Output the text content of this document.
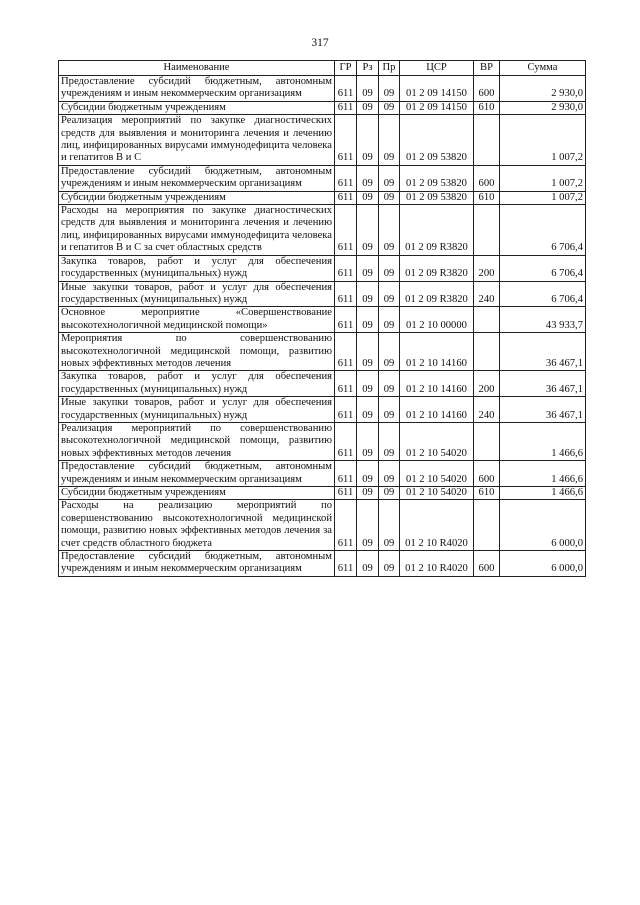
317
Наименование	ГР	Рз	Пр	ЦСР	ВР	Сумма
Предоставление субсидий бюджетным, автономным учреждениям и иным некоммерческим организациям	611	09	09	01 2 09 14150	600	2 930,0
Субсидии бюджетным учреждениям	611	09	09	01 2 09 14150	610	2 930,0
Реализация мероприятий по закупке диагностических средств для выявления и мониторинга лечения и лечению лиц, инфицированных вирусами иммунодефицита человека и гепатитов В и С	611	09	09	01 2 09 53820		1 007,2
Предоставление субсидий бюджетным, автономным учреждениям и иным некоммерческим организациям	611	09	09	01 2 09 53820	600	1 007,2
Субсидии бюджетным учреждениям	611	09	09	01 2 09 53820	610	1 007,2
Расходы на мероприятия по закупке диагностических средств для выявления и мониторинга лечения и лечению лиц, инфицированных вирусами иммунодефицита человека и гепатитов В и С за счет областных средств	611	09	09	01 2 09 R3820		6 706,4
Закупка товаров, работ и услуг для обеспечения государственных (муниципальных) нужд	611	09	09	01 2 09 R3820	200	6 706,4
Иные закупки товаров, работ и услуг для обеспечения государственных (муниципальных) нужд	611	09	09	01 2 09 R3820	240	6 706,4
Основное мероприятие «Совершенствование высокотехнологичной медицинской помощи»	611	09	09	01 2 10 00000		43 933,7
Мероприятия по совершенствованию высокотехнологичной медицинской помощи, развитию новых эффективных методов лечения	611	09	09	01 2 10 14160		36 467,1
Закупка товаров, работ и услуг для обеспечения государственных (муниципальных) нужд	611	09	09	01 2 10 14160	200	36 467,1
Иные закупки товаров, работ и услуг для обеспечения государственных (муниципальных) нужд	611	09	09	01 2 10 14160	240	36 467,1
Реализация мероприятий по совершенствованию высокотехнологичной медицинской помощи, развитию новых эффективных методов лечения	611	09	09	01 2 10 54020		1 466,6
Предоставление субсидий бюджетным, автономным учреждениям и иным некоммерческим организациям	611	09	09	01 2 10 54020	600	1 466,6
Субсидии бюджетным учреждениям	611	09	09	01 2 10 54020	610	1 466,6
Расходы на реализацию мероприятий по совершенствованию высокотехнологичной медицинской помощи, развитию новых эффективных методов лечения за счет средств областного бюджета	611	09	09	01 2 10 R4020		6 000,0
Предоставление субсидий бюджетным, автономным учреждениям и иным некоммерческим организациям	611	09	09	01 2 10 R4020	600	6 000,0
